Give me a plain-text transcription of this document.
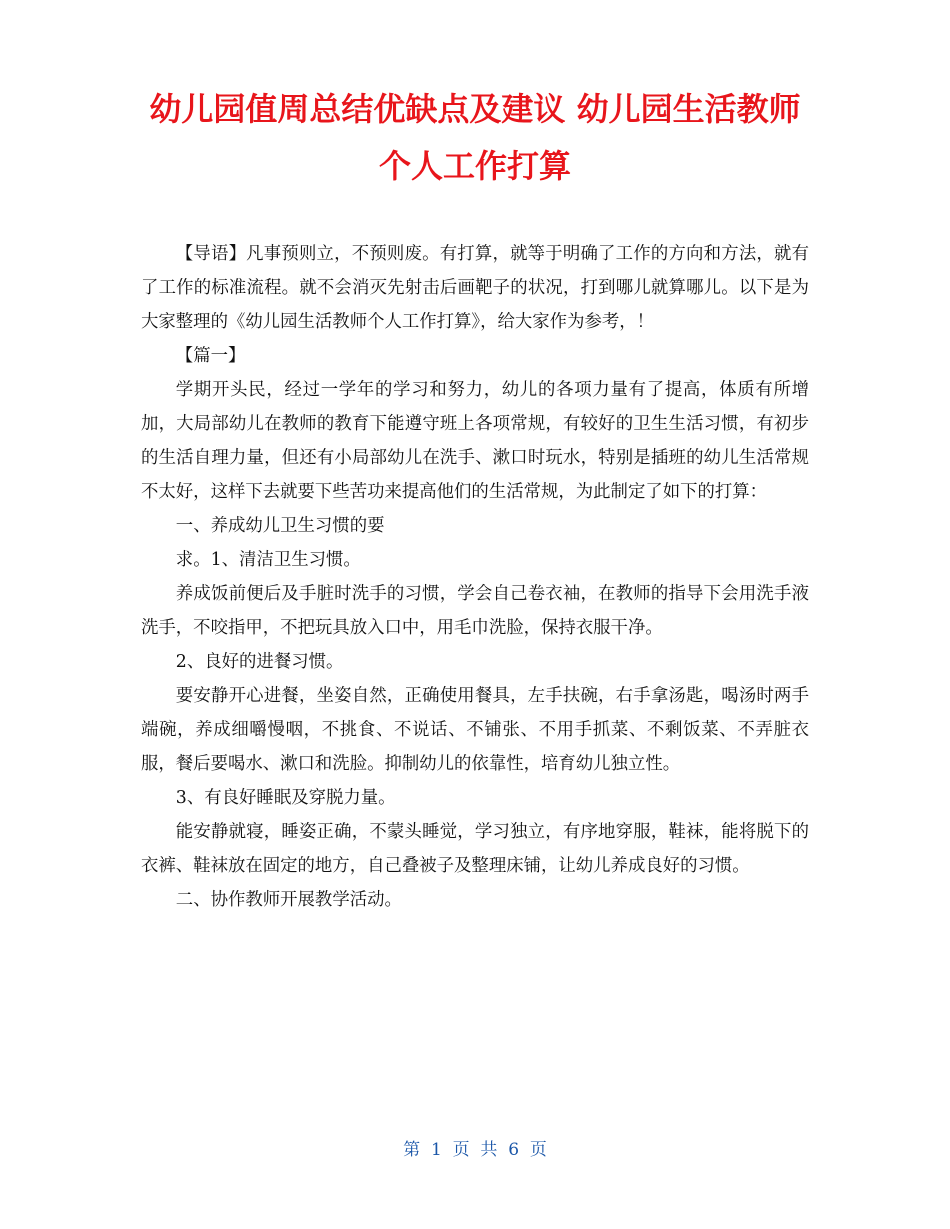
幼儿园值周总结优缺点及建议 幼儿园生活教师
个人工作打算

【导语】凡事预则立，不预则废。有打算，就等于明确了工作的方向和方法，就有了工作的标准流程。就不会消灭先射击后画靶子的状况，打到哪儿就算哪儿。以下是为大家整理的《幼儿园生活教师个人工作打算》，给大家作为参考，！

【篇一】

学期开头民，经过一学年的学习和努力，幼儿的各项力量有了提高，体质有所增加，大局部幼儿在教师的教育下能遵守班上各项常规，有较好的卫生生活习惯，有初步的生活自理力量，但还有小局部幼儿在洗手、漱口时玩水，特别是插班的幼儿生活常规不太好，这样下去就要下些苦功来提高他们的生活常规，为此制定了如下的打算：

一、养成幼儿卫生习惯的要

求。1、清洁卫生习惯。

养成饭前便后及手脏时洗手的习惯，学会自己卷衣袖，在教师的指导下会用洗手液洗手，不咬指甲，不把玩具放入口中，用毛巾洗脸，保持衣服干净。

2、良好的进餐习惯。

要安静开心进餐，坐姿自然，正确使用餐具，左手扶碗，右手拿汤匙，喝汤时两手端碗，养成细嚼慢咽，不挑食、不说话、不铺张、不用手抓菜、不剩饭菜、不弄脏衣服，餐后要喝水、漱口和洗脸。抑制幼儿的依靠性，培育幼儿独立性。

3、有良好睡眠及穿脱力量。

能安静就寝，睡姿正确，不蒙头睡觉，学习独立，有序地穿服，鞋袜，能将脱下的衣裤、鞋袜放在固定的地方，自己叠被子及整理床铺，让幼儿养成良好的习惯。

二、协作教师开展教学活动。

第 1 页 共 6 页
